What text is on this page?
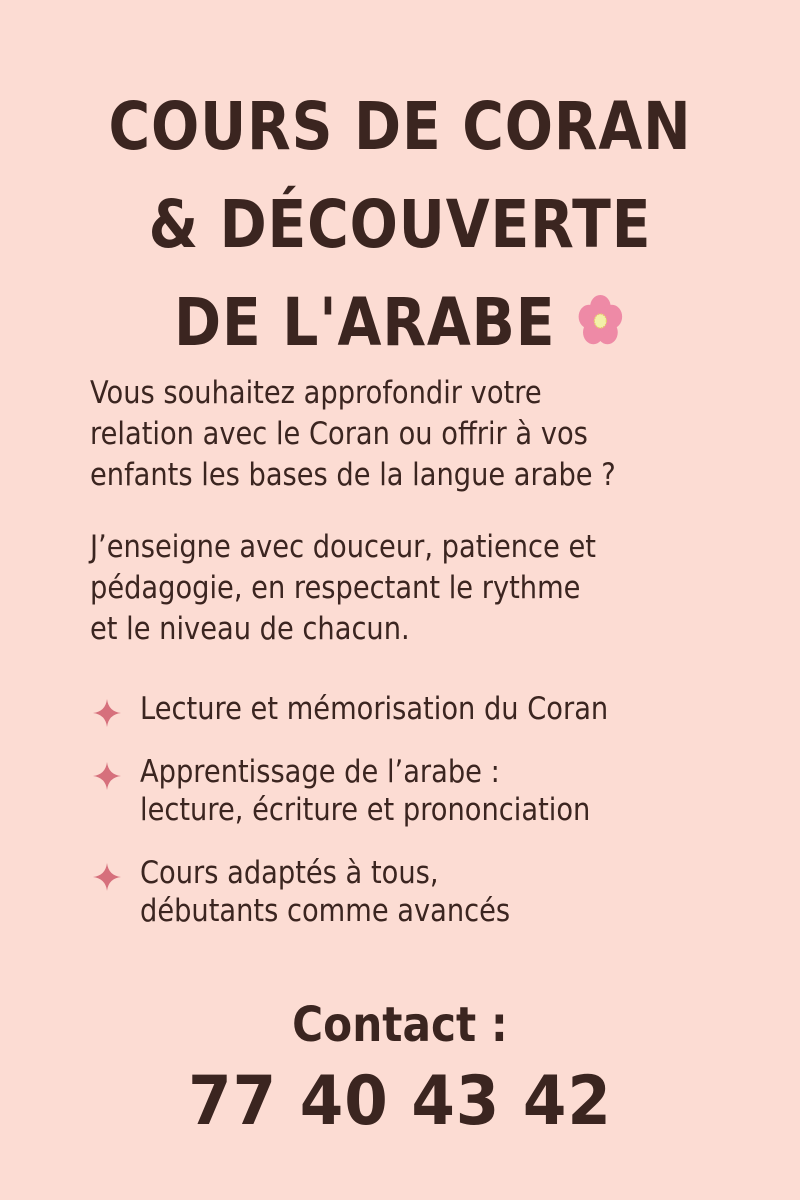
COURS DE CORAN
& DÉCOUVERTE
DE L'ARABE
Vous souhaitez approfondir votre
relation avec le Coran ou offrir à vos
enfants les bases de la langue arabe ?
J’enseigne avec douceur, patience et
pédagogie, en respectant le rythme
et le niveau de chacun.
Lecture et mémorisation du Coran
Apprentissage de l’arabe :
lecture, écriture et prononciation
Cours adaptés à tous,
débutants comme avancés
Contact :
77 40 43 42
